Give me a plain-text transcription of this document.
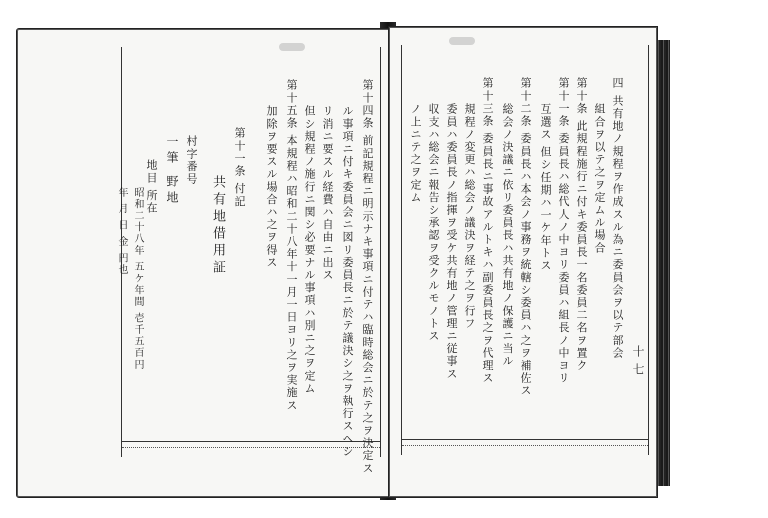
第十四条 前記規程ニ明示ナキ事項ニ付テハ臨時総会ニ於テ之ヲ決定ス
ル事項ニ付キ委員会ニ図リ委員長ニ於テ議決シ之ヲ執行スヘシ
リ消ニ要スル経費ハ自由ニ出ス
但シ規程ノ施行ニ関シ必要ナル事項ハ別ニ之ヲ定ム
第十五条 本規程ハ昭和二十八年十一月一日ヨリ之ヲ実施ス
加除ヲ要スル場合ハ之ヲ得ス
第十一条 付記
共有地借用証
村字番号
一筆 野地
地目 所在
昭和二十八年 五ケ年間 壱千五百円
年 月 日 金 円也
十七
四 共有地ノ規程ヲ作成スル為ニ委員会ヲ以テ部会
組合ヲ以テ之ヲ定ムル場合
第十条 此規程施行ニ付キ委員長一名委員二名ヲ置ク
第十一条 委員長ハ総代人ノ中ヨリ委員ハ組長ノ中ヨリ
互選ス 但シ任期ハ一ケ年トス
第十二条 委員長ハ本会ノ事務ヲ統轄シ委員ハ之ヲ補佐ス
総会ノ決議ニ依リ委員長ハ共有地ノ保護ニ当ル
第十三条 委員長ニ事故アルトキハ副委員長之ヲ代理ス
規程ノ変更ハ総会ノ議決ヲ経テ之ヲ行フ
委員ハ委員長ノ指揮ヲ受ケ共有地ノ管理ニ従事ス
収支ハ総会ニ報告シ承認ヲ受クルモノトス
ノ上ニテ之ヲ定ム
